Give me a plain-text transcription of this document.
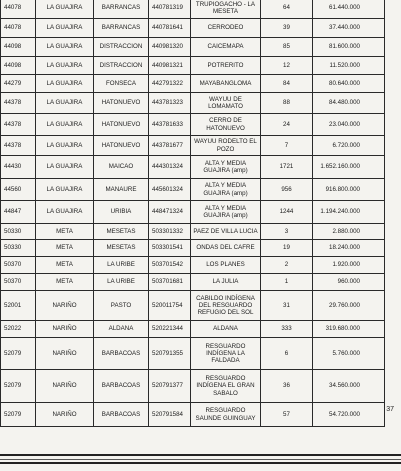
44078	LA GUAJIRA	BARRANCAS	440781319	TRUPIOGACHO - LA MESETA	64	61.440.000
44078	LA GUAJIRA	BARRANCAS	440781641	CERRODEO	39	37.440.000
44098	LA GUAJIRA	DISTRACCION	440981320	CAICEMAPA	85	81.600.000
44098	LA GUAJIRA	DISTRACCION	440981321	POTRERITO	12	11.520.000
44279	LA GUAJIRA	FONSECA	442791322	MAYABANGLOMA	84	80.640.000
44378	LA GUAJIRA	HATONUEVO	443781323	WAYUU DE LOMAMATO	88	84.480.000
44378	LA GUAJIRA	HATONUEVO	443781633	CERRO DE HATONUEVO	24	23.040.000
44378	LA GUAJIRA	HATONUEVO	443781677	WAYUU RODELTO EL POZO	7	6.720.000
44430	LA GUAJIRA	MAICAO	444301324	ALTA Y MEDIA GUAJIRA (amp)	1721	1.652.160.000
44560	LA GUAJIRA	MANAURE	445601324	ALTA Y MEDIA GUAJIRA (amp)	956	916.800.000
44847	LA GUAJIRA	URIBIA	448471324	ALTA Y MEDIA GUAJIRA (amp)	1244	1.194.240.000
50330	META	MESETAS	503301332	PAEZ DE VILLA LUCIA	3	2.880.000
50330	META	MESETAS	503301541	ONDAS DEL CAFRE	19	18.240.000
50370	META	LA URIBE	503701542	LOS PLANES	2	1.920.000
50370	META	LA URIBE	503701681	LA JULIA	1	960.000
52001	NARIÑO	PASTO	520011754	CABILDO INDÍGENA DEL RESGUARDO REFUGIO DEL SOL	31	29.760.000
52022	NARIÑO	ALDANA	520221344	ALDANA	333	319.680.000
52079	NARIÑO	BARBACOAS	520791355	RESGUARDO INDÍGENA LA FALDADA	6	5.760.000
52079	NARIÑO	BARBACOAS	520791377	RESGUARDO INDÍGENA EL GRAN SABALO	36	34.560.000
52079	NARIÑO	BARBACOAS	520791584	RESGUARDO SAUNDE GUINGUAY	57	54.720.000
37
